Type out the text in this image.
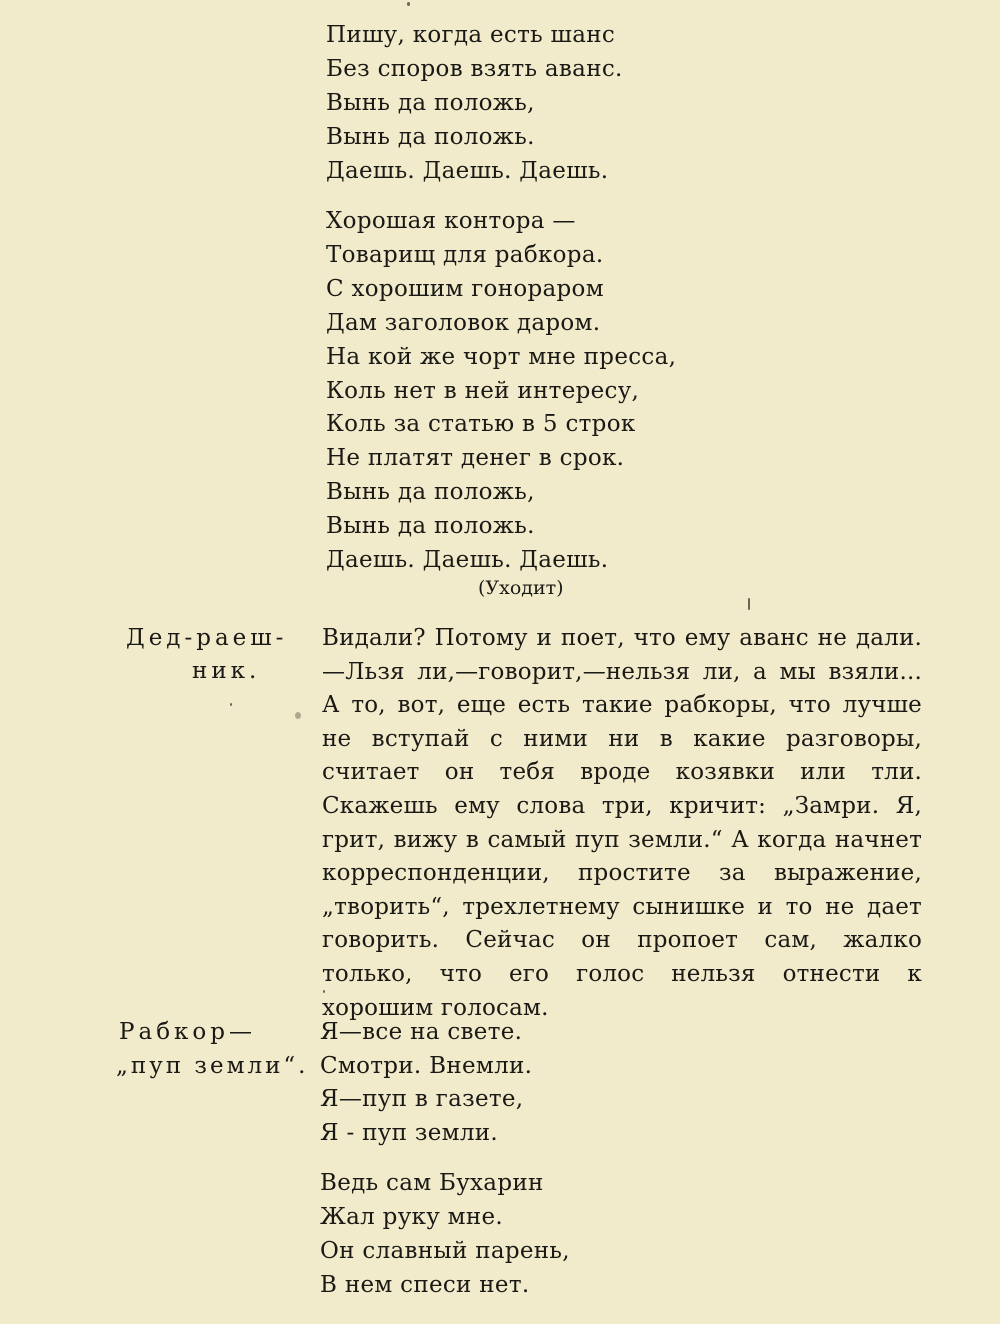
Пишу, когда есть шанс
Без споров взять аванс.
Вынь да положь,
Вынь да положь.
Даешь. Даешь. Даешь.
Хорошая контора —
Товарищ для рабкора.
С хорошим гонораром
Дам заголовок даром.
На кой же чорт мне пресса,
Коль нет в ней интересу,
Коль за статью в 5 строк
Не платят денег в срок.
Вынь да положь,
Вынь да положь.
Даешь. Даешь. Даешь.
(Уходит)
Дед-раеш-
ник.
Видали? Потому и поет, что ему аванс не дали.—Льзя ли,—говорит,—нельзя ли, а мы взяли... А то, вот, еще есть такие рабкоры, что лучше не вступай с ними ни в какие разговоры, считает он тебя вроде козявки или тли. Скажешь ему слова три, кричит: „Замри. Я, грит, вижу в самый пуп земли.“ А когда начнет корреспонденции, простите за выражение, „творить“, трехлетнему сынишке и то не дает говорить. Сейчас он пропоет сам, жалко только, что его голос нельзя отнести к хорошим голосам.
Рабкор—
„пуп земли“.
Я—все на свете.
Смотри. Внемли.
Я—пуп в газете,
Я - пуп земли.
Ведь сам Бухарин
Жал руку мне.
Он славный парень,
В нем спеси нет.
